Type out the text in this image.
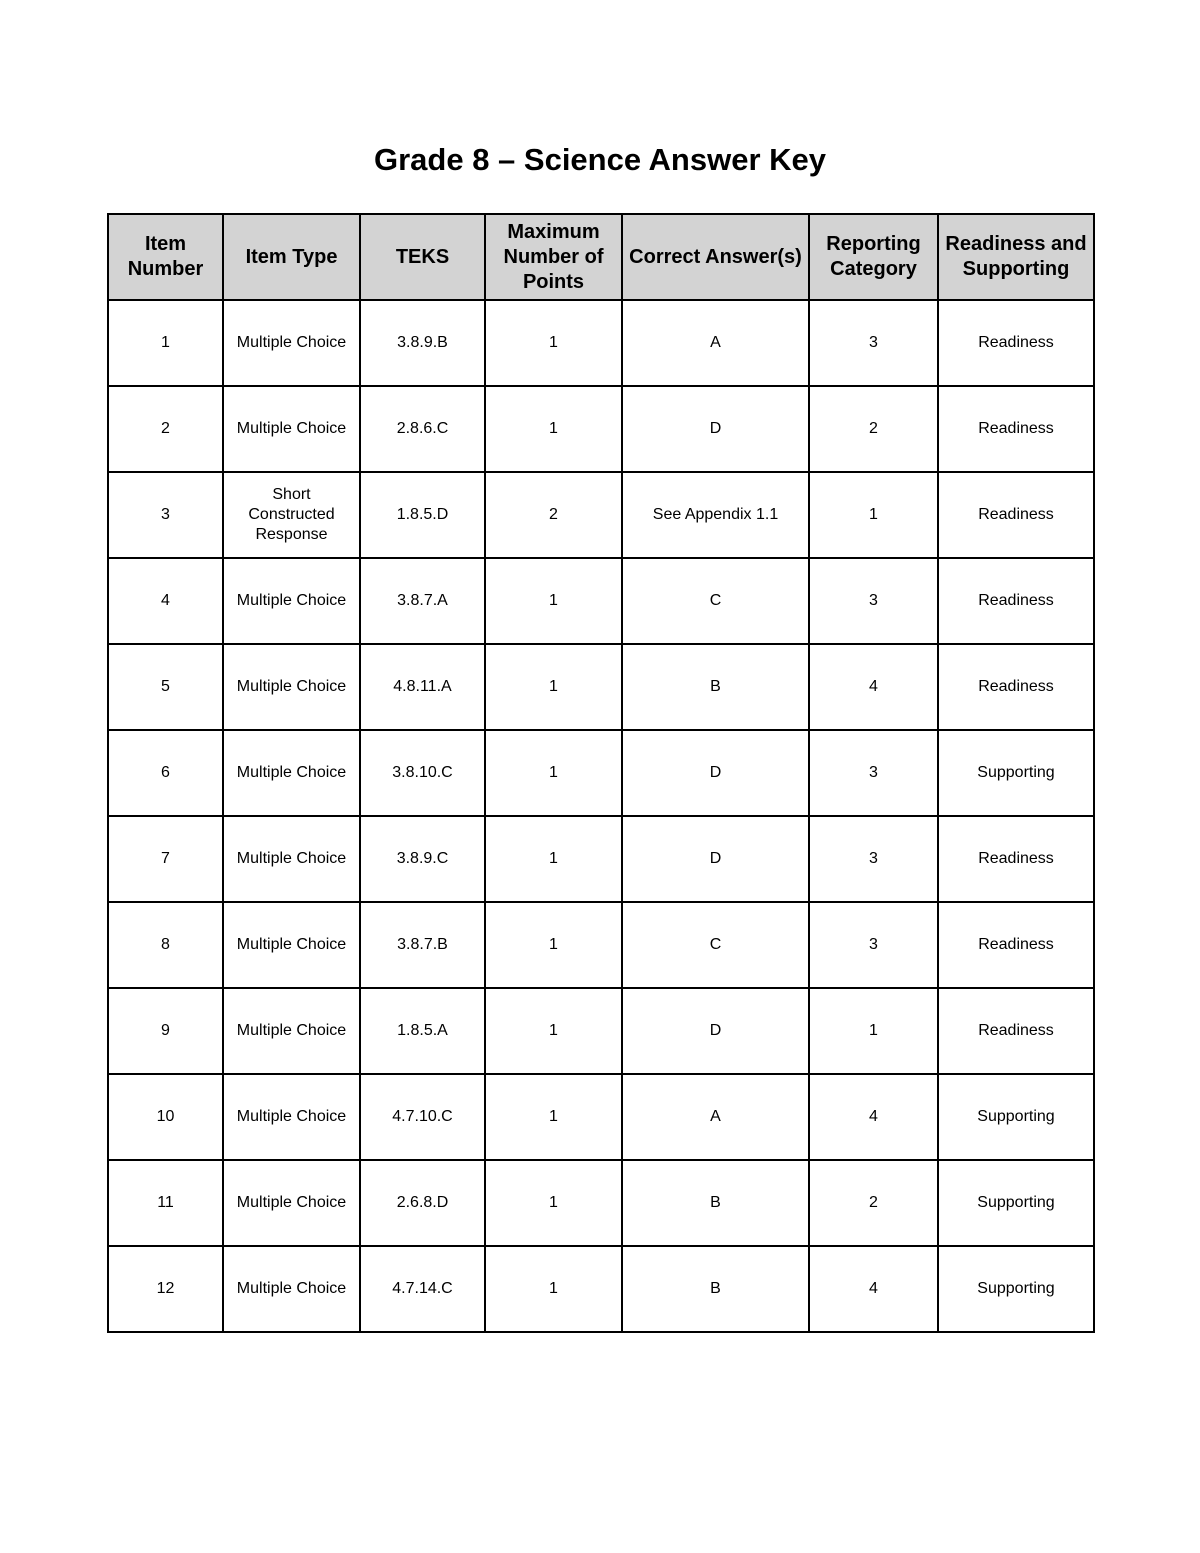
Grade 8 – Science Answer Key
Item Number	Item Type	TEKS	Maximum Number of Points	Correct Answer(s)	Reporting Category	Readiness and Supporting
1	Multiple Choice	3.8.9.B	1	A	3	Readiness
2	Multiple Choice	2.8.6.C	1	D	2	Readiness
3	Short Constructed Response	1.8.5.D	2	See Appendix 1.1	1	Readiness
4	Multiple Choice	3.8.7.A	1	C	3	Readiness
5	Multiple Choice	4.8.11.A	1	B	4	Readiness
6	Multiple Choice	3.8.10.C	1	D	3	Supporting
7	Multiple Choice	3.8.9.C	1	D	3	Readiness
8	Multiple Choice	3.8.7.B	1	C	3	Readiness
9	Multiple Choice	1.8.5.A	1	D	1	Readiness
10	Multiple Choice	4.7.10.C	1	A	4	Supporting
11	Multiple Choice	2.6.8.D	1	B	2	Supporting
12	Multiple Choice	4.7.14.C	1	B	4	Supporting
